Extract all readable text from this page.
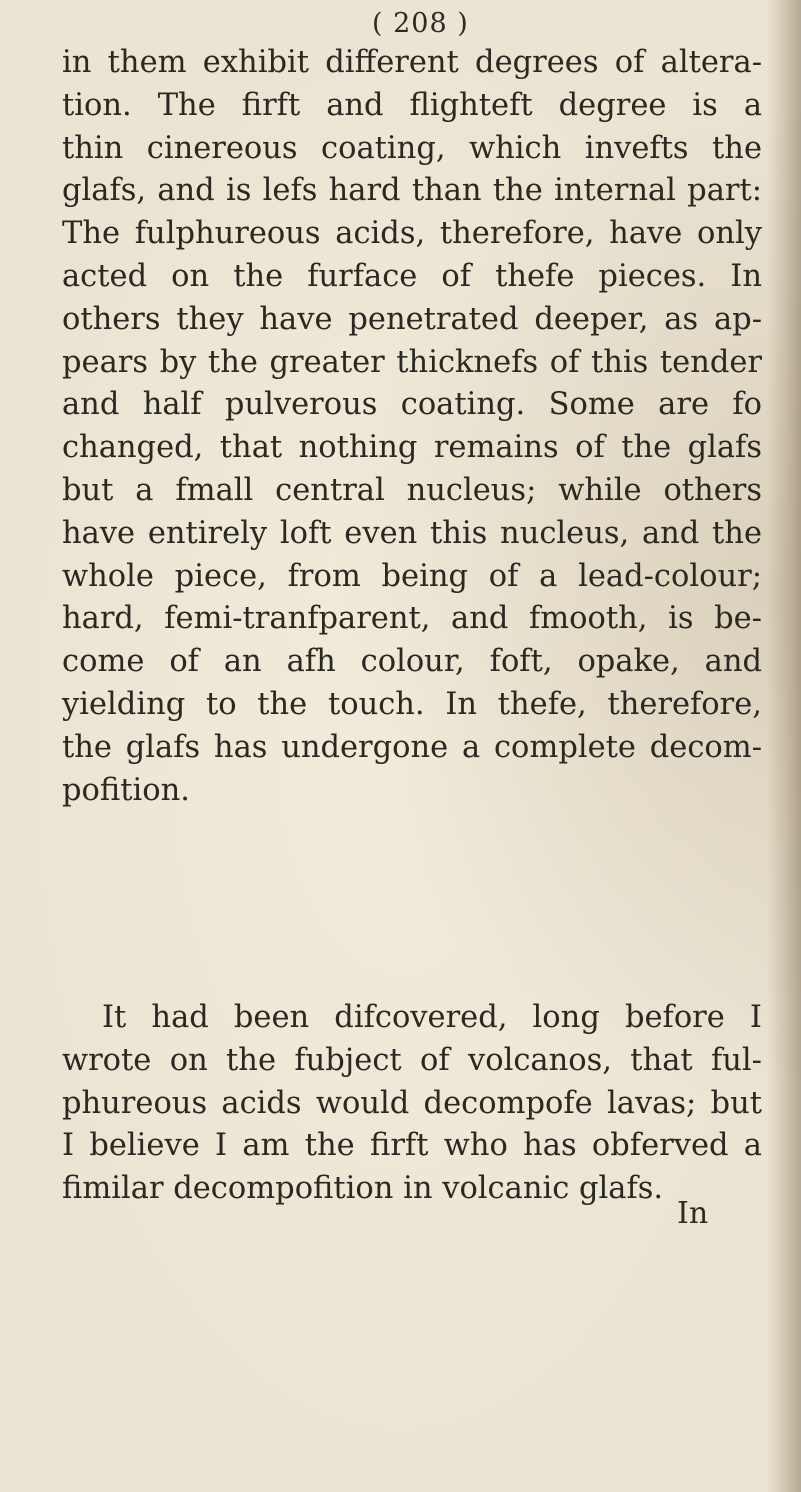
( 208 )
in them exhibit different degrees of altera-
tion. The firft and flighteft degree is a
thin cinereous coating, which invefts the
glafs, and is lefs hard than the internal part:
The fulphureous acids, therefore, have only
acted on the furface of thefe pieces. In
others they have penetrated deeper, as ap-
pears by the greater thicknefs of this tender
and half pulverous coating. Some are fo
changed, that nothing remains of the glafs
but a fmall central nucleus; while others
have entirely loft even this nucleus, and the
whole piece, from being of a lead-colour;
hard, femi-tranfparent, and fmooth, is be-
come of an afh colour, foft, opake, and
yielding to the touch. In thefe, therefore,
the glafs has undergone a complete decom-
pofition.
It had been difcovered, long before I
wrote on the fubject of volcanos, that ful-
phureous acids would decompofe lavas; but
I believe I am the firft who has obferved a
fimilar decompofition in volcanic glafs.
In
